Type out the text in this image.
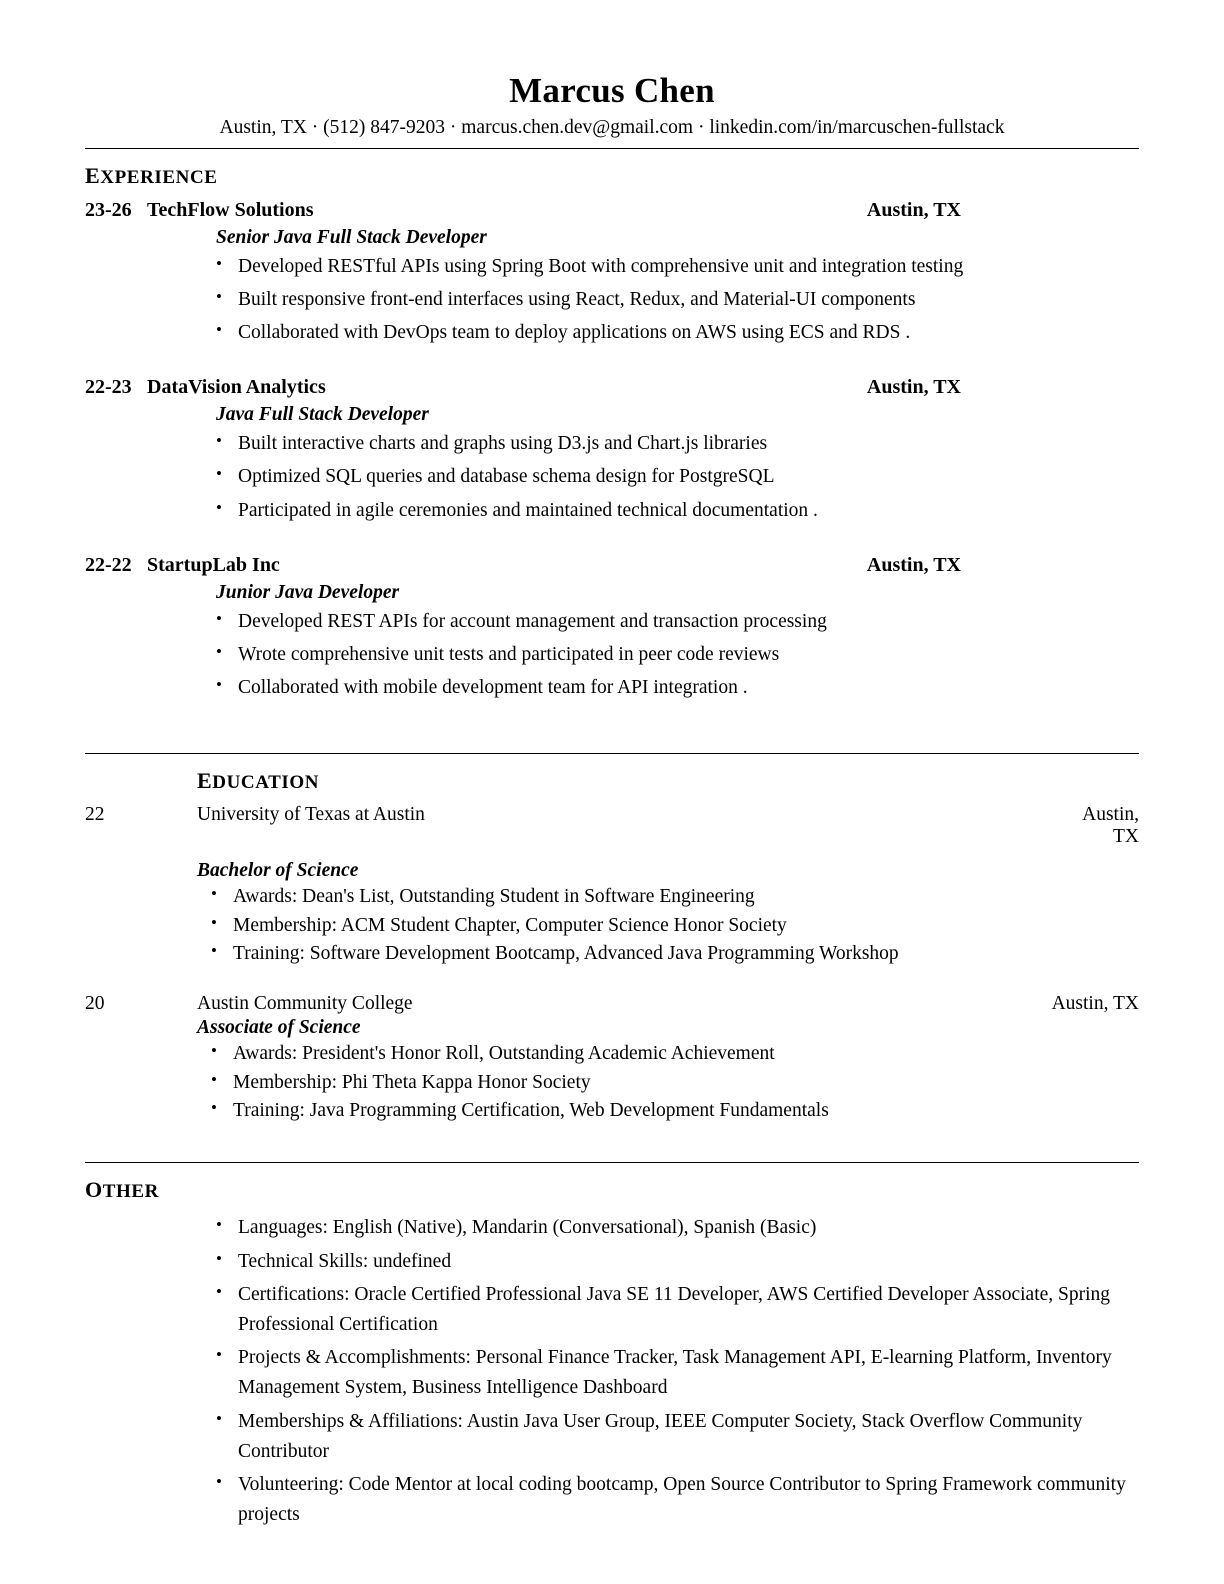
Marcus Chen
Austin, TX · (512) 847-9203 · marcus.chen.dev@gmail.com · linkedin.com/in/marcuschen-fullstack
EXPERIENCE
23-26 TechFlow Solutions	Austin, TX
Senior Java Full Stack Developer
• Developed RESTful APIs using Spring Boot with comprehensive unit and integration testing
• Built responsive front-end interfaces using React, Redux, and Material-UI components
• Collaborated with DevOps team to deploy applications on AWS using ECS and RDS .
22-23 DataVision Analytics	Austin, TX
Java Full Stack Developer
• Built interactive charts and graphs using D3.js and Chart.js libraries
• Optimized SQL queries and database schema design for PostgreSQL
• Participated in agile ceremonies and maintained technical documentation .
22-22 StartupLab Inc	Austin, TX
Junior Java Developer
• Developed REST APIs for account management and transaction processing
• Wrote comprehensive unit tests and participated in peer code reviews
• Collaborated with mobile development team for API integration .
EDUCATION
22	University of Texas at Austin	Austin, TX
Bachelor of Science
• Awards: Dean's List, Outstanding Student in Software Engineering
• Membership: ACM Student Chapter, Computer Science Honor Society
• Training: Software Development Bootcamp, Advanced Java Programming Workshop
20	Austin Community College	Austin, TX
Associate of Science
• Awards: President's Honor Roll, Outstanding Academic Achievement
• Membership: Phi Theta Kappa Honor Society
• Training: Java Programming Certification, Web Development Fundamentals
OTHER
• Languages: English (Native), Mandarin (Conversational), Spanish (Basic)
• Technical Skills: undefined
• Certifications: Oracle Certified Professional Java SE 11 Developer, AWS Certified Developer Associate, Spring Professional Certification
• Projects & Accomplishments: Personal Finance Tracker, Task Management API, E-learning Platform, Inventory Management System, Business Intelligence Dashboard
• Memberships & Affiliations: Austin Java User Group, IEEE Computer Society, Stack Overflow Community Contributor
• Volunteering: Code Mentor at local coding bootcamp, Open Source Contributor to Spring Framework community projects
